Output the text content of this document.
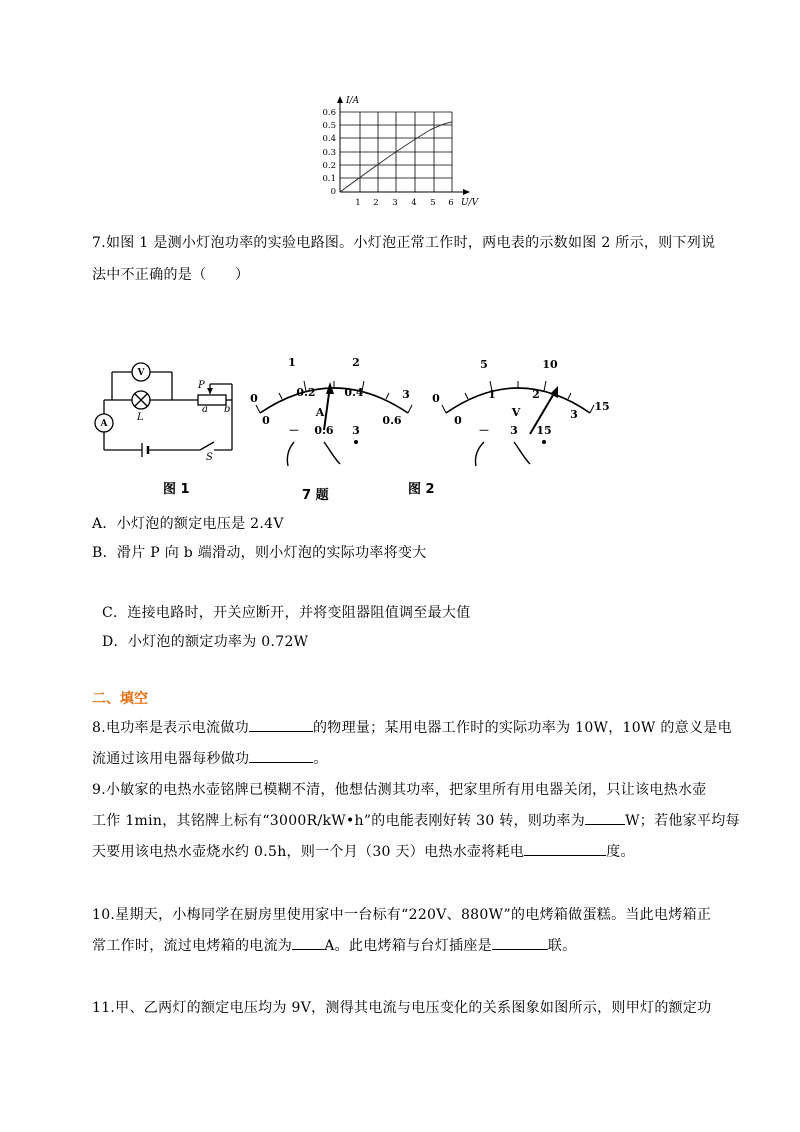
I/A
U/V
0.6
0.5
0.4
0.3
0.2
0.1
0
1 2 3 4 5 6
7.如图 1 是测小灯泡功率的实验电路图。小灯泡正常工作时，两电表的示数如图 2 所示，则下列说
法中不正确的是（　　）
V
A
L
P
a b
S
0
1	2
3
0
0.2	0.4
0.6
A
－ 0.6 3
0
5	10
15
0
1	2
3
V
－ 3 15
图 1	7 题	图 2
A．小灯泡的额定电压是 2.4V
B．滑片 P 向 b 端滑动，则小灯泡的实际功率将变大
C．连接电路时，开关应断开，并将变阻器阻值调至最大值
D．小灯泡的额定功率为 0.72W
二、填空
8.电功率是表示电流做功	的物理量；某用电器工作时的实际功率为 10W，10W 的意义是电
流通过该用电器每秒做功	。
9.小敏家的电热水壶铭牌已模糊不清，他想估测其功率，把家里所有用电器关闭，只让该电热水壶
工作 1min，其铭牌上标有“3000R/kW•h”的电能表刚好转 30 转，则功率为	W；若他家平均每
天要用该电热水壶烧水约 0.5h，则一个月（30 天）电热水壶将耗电	度。
10.星期天，小梅同学在厨房里使用家中一台标有“220V、880W”的电烤箱做蛋糕。当此电烤箱正
常工作时，流过电烤箱的电流为 A。此电烤箱与台灯插座是	联。
11.甲、乙两灯的额定电压均为 9V，测得其电流与电压变化的关系图象如图所示，则甲灯的额定功
